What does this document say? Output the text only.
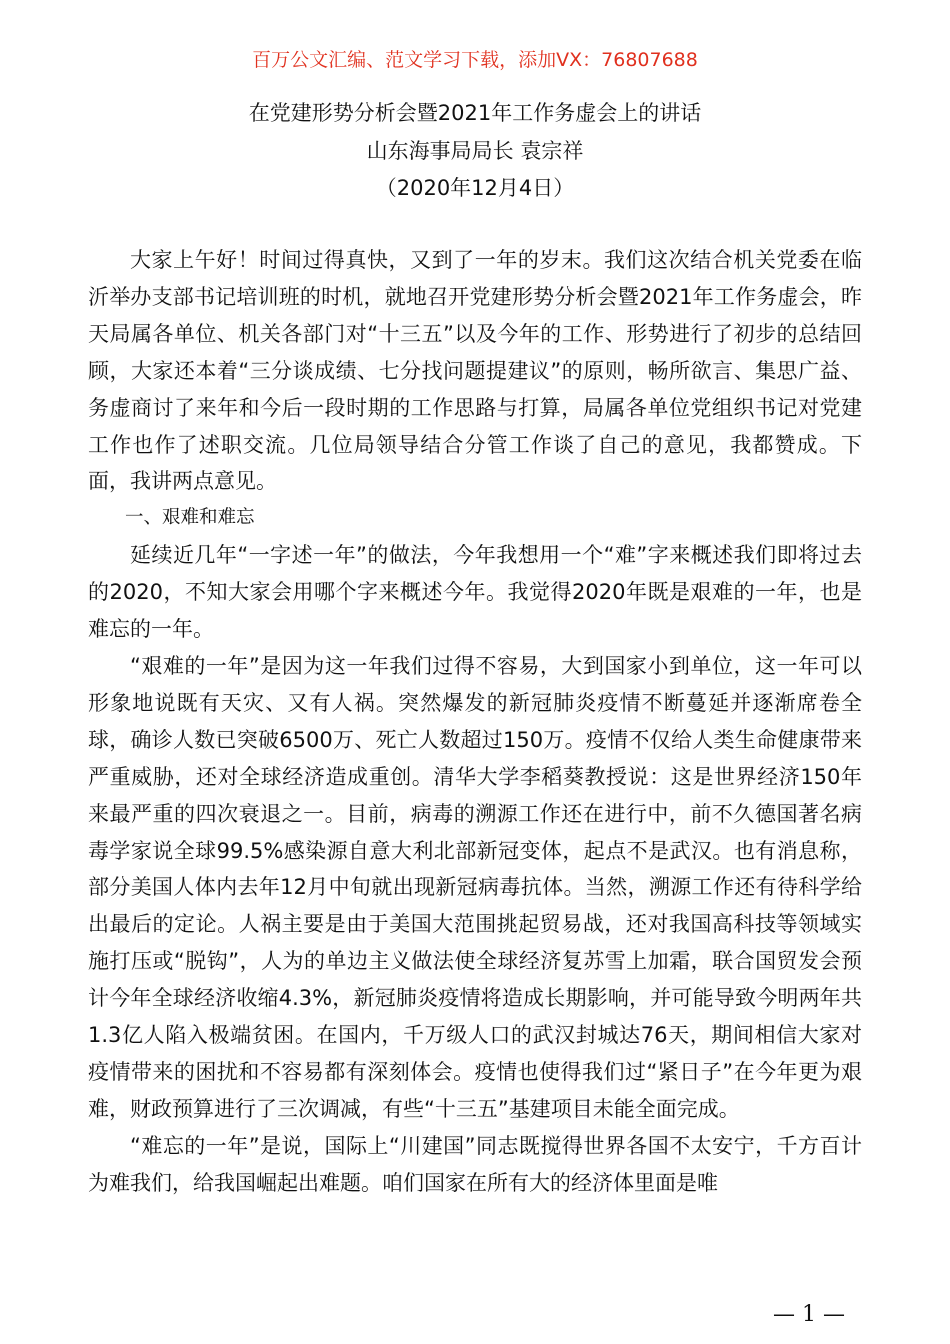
百万公文汇编、范文学习下载，添加VX：76807688
在党建形势分析会暨2021年工作务虚会上的讲话
山东海事局局长 袁宗祥
（2020年12月4日）

大家上午好！时间过得真快，又到了一年的岁末。我们这次结合机关党委在临沂举办支部书记培训班的时机，就地召开党建形势分析会暨2021年工作务虚会，昨天局属各单位、机关各部门对“十三五”以及今年的工作、形势进行了初步的总结回顾，大家还本着“三分谈成绩、七分找问题提建议”的原则，畅所欲言、集思广益、务虚商讨了来年和今后一段时期的工作思路与打算，局属各单位党组织书记对党建工作也作了述职交流。几位局领导结合分管工作谈了自己的意见，我都赞成。下面，我讲两点意见。

一、艰难和难忘

延续近几年“一字述一年”的做法，今年我想用一个“难”字来概述我们即将过去的2020，不知大家会用哪个字来概述今年。我觉得2020年既是艰难的一年，也是难忘的一年。

“艰难的一年”是因为这一年我们过得不容易，大到国家小到单位，这一年可以形象地说既有天灾、又有人祸。突然爆发的新冠肺炎疫情不断蔓延并逐渐席卷全球，确诊人数已突破6500万、死亡人数超过150万。疫情不仅给人类生命健康带来严重威胁，还对全球经济造成重创。清华大学李稻葵教授说：这是世界经济150年来最严重的四次衰退之一。目前，病毒的溯源工作还在进行中，前不久德国著名病毒学家说全球99.5%感染源自意大利北部新冠变体，起点不是武汉。也有消息称，部分美国人体内去年12月中旬就出现新冠病毒抗体。当然，溯源工作还有待科学给出最后的定论。人祸主要是由于美国大范围挑起贸易战，还对我国高科技等领域实施打压或“脱钩”，人为的单边主义做法使全球经济复苏雪上加霜，联合国贸发会预计今年全球经济收缩4.3%，新冠肺炎疫情将造成长期影响，并可能导致今明两年共1.3亿人陷入极端贫困。在国内，千万级人口的武汉封城达76天，期间相信大家对疫情带来的困扰和不容易都有深刻体会。疫情也使得我们过“紧日子”在今年更为艰难，财政预算进行了三次调减，有些“十三五”基建项目未能全面完成。

“难忘的一年”是说，国际上“川建国”同志既搅得世界各国不太安宁，千方百计为难我们，给我国崛起出难题。咱们国家在所有大的经济体里面是唯

— 1 —
